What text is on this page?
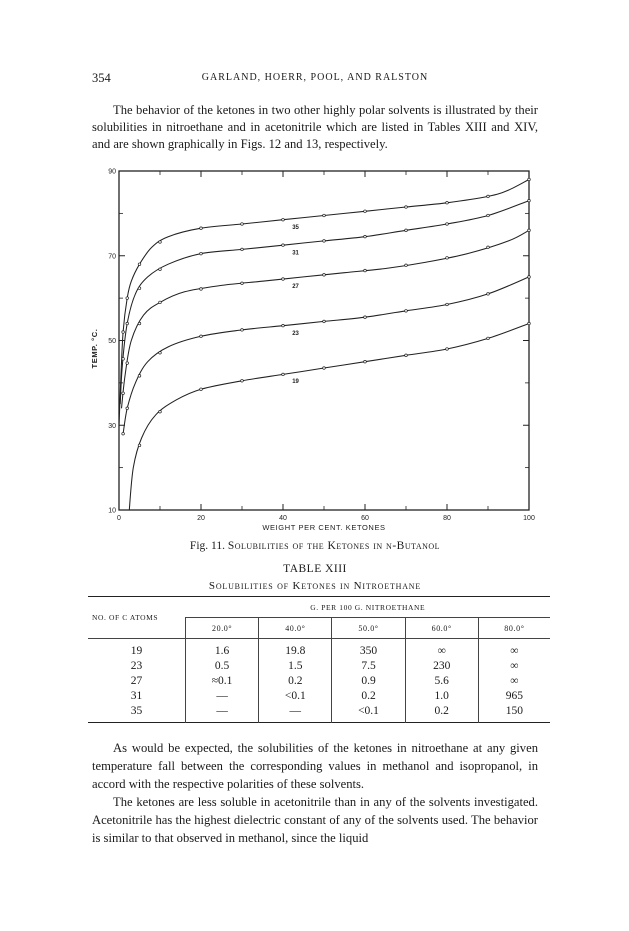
354	GARLAND, HOERR, POOL, AND RALSTON

The behavior of the ketones in two other highly polar solvents is illustrated by their solubilities in nitroethane and in acetonitrile which are listed in Tables XIII and XIV, and are shown graphically in Figs. 12 and 13, respectively.

0	20	40	60	80	100
10
30
50
70
90
WEIGHT PER CENT. KETONES
TEMP. °C.
35
31
27
23
19
Fig. 11. Solubilities of the Ketones in n-Butanol
TABLE XIII
Solubilities of Ketones in Nitroethane
NO. OF C ATOMS	G. PER 100 G. NITROETHANE				
	20.0°	40.0°	50.0°	60.0°	80.0°
19	1.6	19.8	350	∞	∞
23	0.5	1.5	7.5	230	∞
27	≈0.1	0.2	0.9	5.6	∞
31	—	<0.1	0.2	1.0	965
35	—	—	<0.1	0.2	150

As would be expected, the solubilities of the ketones in nitroethane at any given temperature fall between the corresponding values in methanol and isopropanol, in accord with the respective polarities of these solvents.

The ketones are less soluble in acetonitrile than in any of the solvents investigated. Acetonitrile has the highest dielectric constant of any of the solvents used. The behavior is similar to that observed in methanol, since the liquid
